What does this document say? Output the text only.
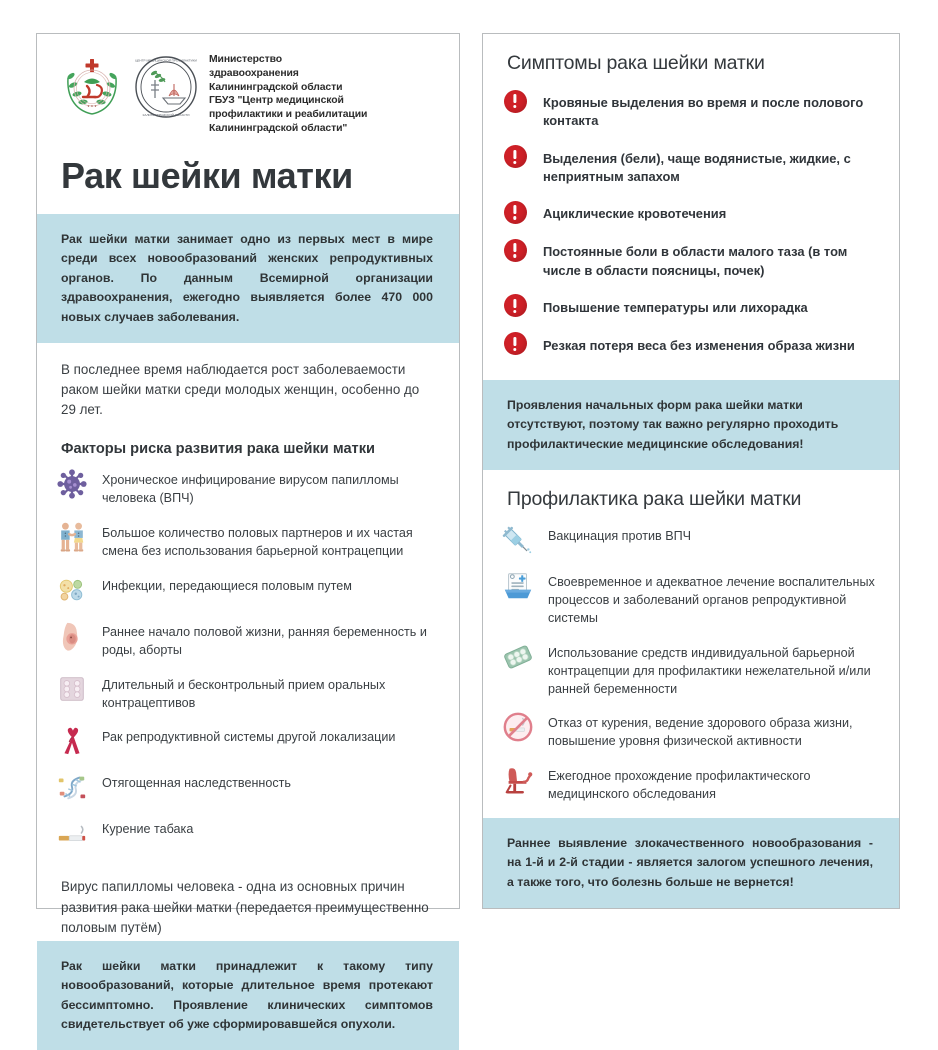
★ ★ ★
ЦЕНТР МЕДИЦИНСКОЙ ПРОФИЛАКТИКИ
КАЛИНИНГРАДСКОЙ ОБЛАСТИ
Министерство
здравоохранения
Калининградской области
ГБУЗ "Центр медицинской
профилактики и реабилитации
Калининградской области"
Рак шейки матки
Рак шейки матки занимает одно из первых мест в мире среди всех новообразований женских репродуктивных органов. По данным Всемирной организации здравоохранения, ежегодно выявляется более 470 000 новых случаев заболевания.

В последнее время наблюдается рост заболеваемости раком шейки матки среди молодых женщин, особенно до 29 лет.

Факторы риска развития рака шейки матки
Хроническое инфицирование вирусом папилломы человека (ВПЧ)
Большое количество половых партнеров и их частая смена без использования барьерной контрацепции
Инфекции, передающиеся половым путем
Раннее начало половой жизни, ранняя беременность и роды, аборты
Длительный и бесконтрольный прием оральных контрацептивов
Рак репродуктивной системы другой локализации
Отягощенная наследственность
Курение табака

Вирус папилломы человека - одна из основных причин развития рака шейки матки (передается преимущественно половым путём)

Рак шейки матки принадлежит к такому типу новообразований, которые длительное время протекают бессимптомно. Проявление клинических симптомов свидетельствует об уже сформировавшейся опухоли.
Симптомы рака шейки матки
Кровяные выделения во время и после полового контакта
Выделения (бели), чаще водянистые, жидкие, с неприятным запахом
Ациклические кровотечения
Постоянные боли в области малого таза (в том числе в области поясницы, почек)
Повышение температуры или лихорадка
Резкая потеря веса без изменения образа жизни
Проявления начальных форм рака шейки матки отсутствуют, поэтому так важно регулярно проходить профилактические медицинские обследования!
Профилактика рака шейки матки
Вакцинация против ВПЧ
Своевременное и адекватное лечение воспалительных процессов и заболеваний органов репродуктивной системы
Использование средств индивидуальной барьерной контрацепции для профилактики нежелательной и/или ранней беременности
Отказ от курения, ведение здорового образа жизни, повышение уровня физической активности
Ежегодное прохождение профилактического медицинского обследования
Раннее выявление злокачественного новообразования - на 1-й и 2-й стадии - является залогом успешного лечения, а также того, что болезнь больше не вернется!
